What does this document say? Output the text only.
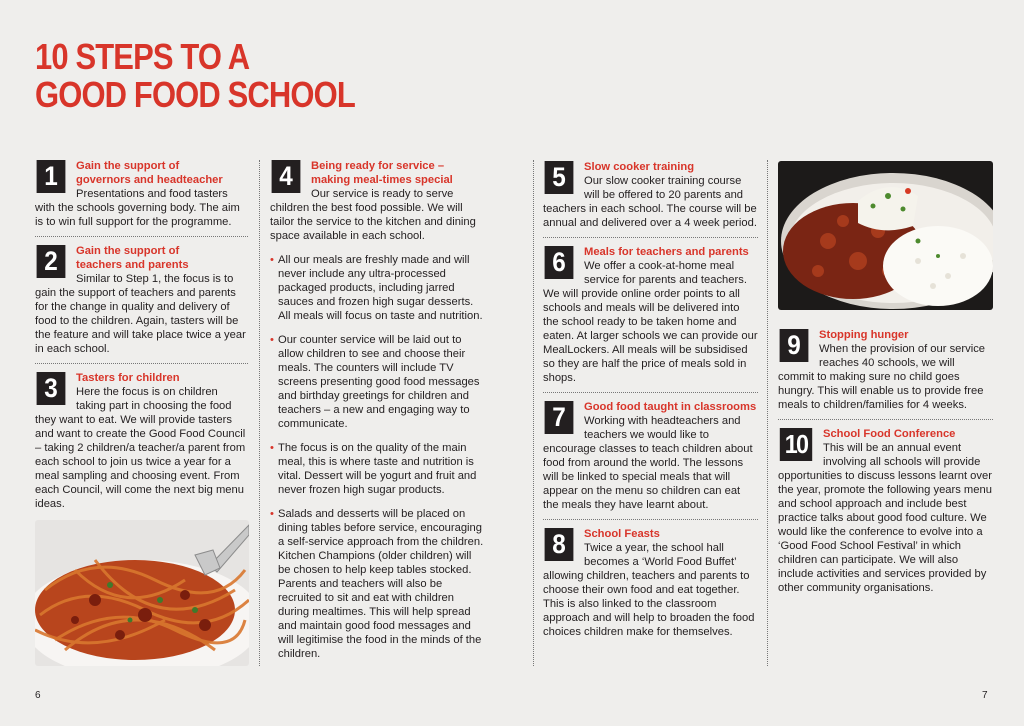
10 STEPS TO A
GOOD FOOD SCHOOL
1	Gain the support of
governors and headteacher
Presentations and food tasters with the schools governing body. The aim is to win full support for the programme.
2	Gain the support of
teachers and parents
Similar to Step 1, the focus is to gain the support of teachers and parents for the change in quality and delivery of food to the children. Again, tasters will be the feature and will take place twice a year in each school.
3	Tasters for children
Here the focus is on children taking part in choosing the food they want to eat. We will provide tasters and want to create the Good Food Council – taking 2 children/a teacher/a parent from each school to join us twice a year for a meal sampling and choosing event. From each Council, will come the next big menu ideas.
4	Being ready for service –
making meal-times special
Our service is ready to serve children the best food possible. We will tailor the service to the kitchen and dining space available in each school.
• All our meals are freshly made and will never include any ultra-processed packaged products, including jarred sauces and frozen high sugar desserts. All meals will focus on taste and nutrition.
• Our counter service will be laid out to allow children to see and choose their meals. The counters will include TV screens presenting good food messages and birthday greetings for children and teachers – a new and engaging way to communicate.
• The focus is on the quality of the main meal, this is where taste and nutrition is vital. Dessert will be yogurt and fruit and never frozen high sugar products.
• Salads and desserts will be placed on dining tables before service, encouraging a self-service approach from the children. Kitchen Champions (older children) will be chosen to help keep tables stocked. Parents and teachers will also be recruited to sit and eat with children during mealtimes. This will help spread and maintain good food messages and will legitimise the food in the minds of the children.
5	Slow cooker training
Our slow cooker training course will be offered to 20 parents and teachers in each school. The course will be annual and delivered over a 4 week period.
6	Meals for teachers and parents
We offer a cook-at-home meal service for parents and teachers. We will provide online order points to all schools and meals will be delivered into the school ready to be taken home and eaten. At larger schools we can provide our MealLockers. All meals will be subsidised so they are half the price of meals sold in shops.
7	Good food taught in classrooms
Working with headteachers and teachers we would like to encourage classes to teach children about food from around the world. The lessons will be linked to special meals that will appear on the menu so children can eat the meals they have learnt about.
8	School Feasts
Twice a year, the school hall becomes a ‘World Food Buffet’ allowing children, teachers and parents to choose their own food and eat together. This is also linked to the classroom approach and will help to broaden the food choices children make for themselves.
9	Stopping hunger
When the provision of our service reaches 40 schools, we will commit to making sure no child goes hungry. This will enable us to provide free meals to children/families for 4 weeks.
10	School Food Conference
This will be an annual event involving all schools will provide opportunities to discuss lessons learnt over the year, promote the following years menu and school approach and include best practice talks about good food culture. We would like the conference to evolve into a ‘Good Food School Festival’ in which children can participate. We will also include activities and services provided by other community organisations.
6	7
